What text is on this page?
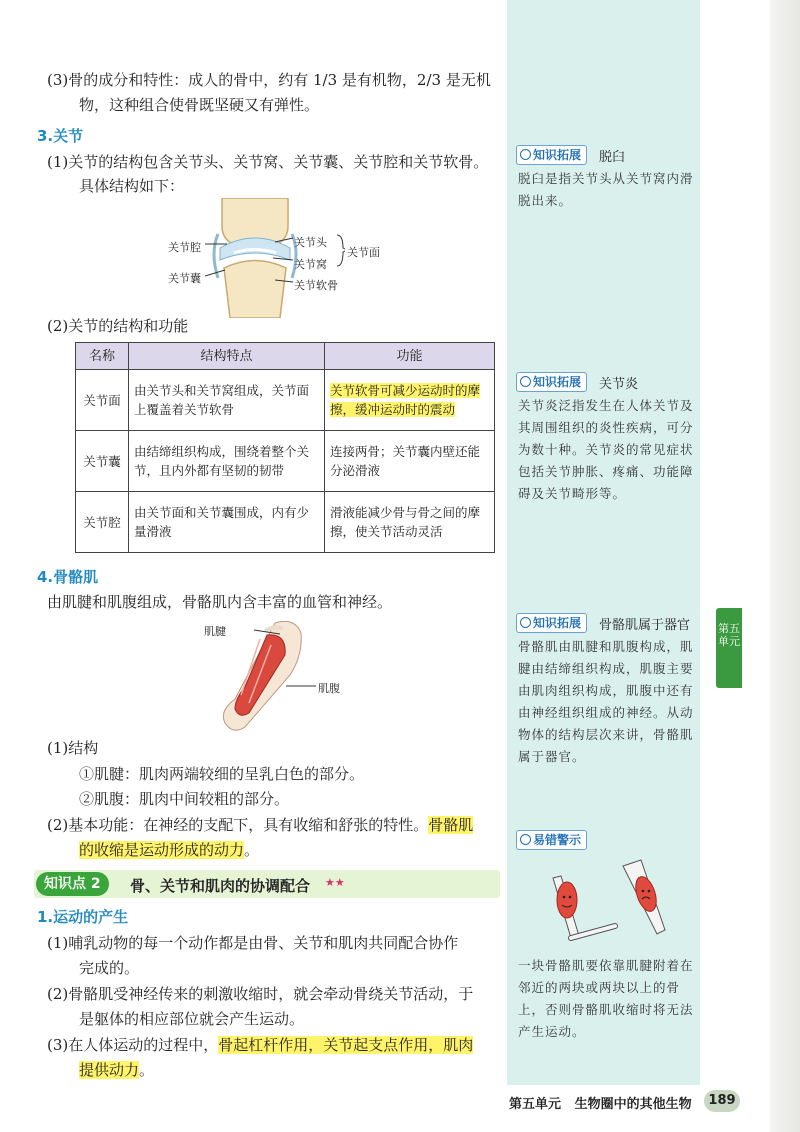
(3)骨的成分和特性：成人的骨中，约有 1/3 是有机物，2/3 是无机
物，这种组合使骨既坚硬又有弹性。
3.关节
(1)关节的结构包含关节头、关节窝、关节囊、关节腔和关节软骨。
具体结构如下：
关节腔
关节囊
关节头
关节窝
关节软骨
关节面
(2)关节的结构和功能
名称	结构特点	功能
关节面	由关节头和关节窝组成，关节面上覆盖着关节软骨	关节软骨可减少运动时的摩擦，缓冲运动时的震动
关节囊	由结缔组织构成，围绕着整个关节，且内外都有坚韧的韧带	连接两骨；关节囊内壁还能分泌滑液
关节腔	由关节面和关节囊围成，内有少量滑液	滑液能减少骨与骨之间的摩擦，使关节活动灵活
4.骨骼肌
由肌腱和肌腹组成，骨骼肌内含丰富的血管和神经。
肌腱
肌腹
(1)结构
①肌腱：肌肉两端较细的呈乳白色的部分。
②肌腹：肌肉中间较粗的部分。
(2)基本功能：在神经的支配下，具有收缩和舒张的特性。骨骼肌
的收缩是运动形成的动力。
知识点 2	骨、关节和肌肉的协调配合 ★★
1.运动的产生
(1)哺乳动物的每一个动作都是由骨、关节和肌肉共同配合协作
完成的。
(2)骨骼肌受神经传来的刺激收缩时，就会牵动骨绕关节活动，于
是躯体的相应部位就会产生运动。
(3)在人体运动的过程中，骨起杠杆作用，关节起支点作用，肌肉
提供动力。
知识拓展	脱臼
脱臼是指关节头从关节窝内滑脱出来。
知识拓展	关节炎
关节炎泛指发生在人体关节及其周围组织的炎性疾病，可分为数十种。关节炎的常见症状包括关节肿胀、疼痛、功能障碍及关节畸形等。
知识拓展	骨骼肌属于器官
骨骼肌由肌腱和肌腹构成，肌腱由结缔组织构成，肌腹主要由肌肉组织构成，肌腹中还有由神经组织组成的神经。从动物体的结构层次来讲，骨骼肌属于器官。
易错警示
一块骨骼肌要依靠肌腱附着在邻近的两块或两块以上的骨上，否则骨骼肌收缩时将无法产生运动。
第五单元
第五单元 生物圈中的其他生物	189
